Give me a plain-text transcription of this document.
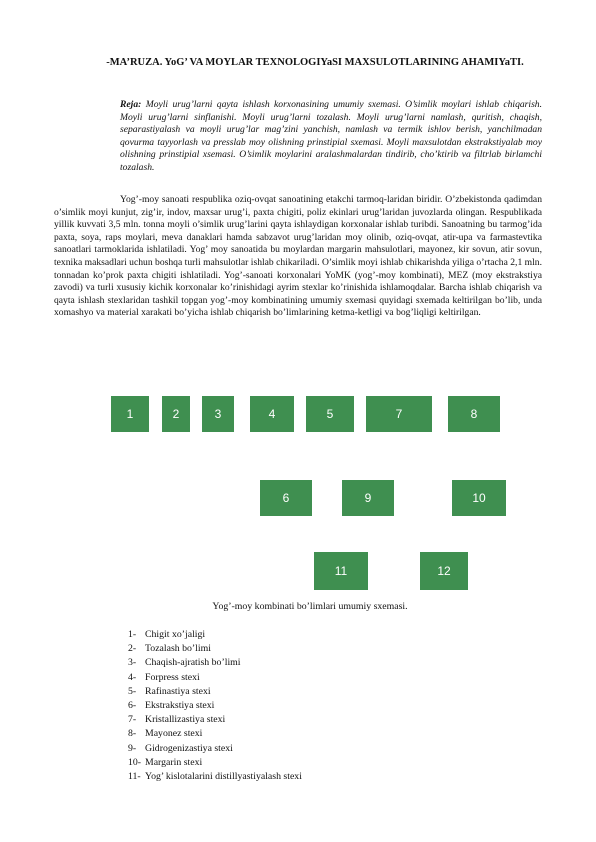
-MA’RUZA. YoG’ VA MOYLAR TEXNOLOGIYaSI MAXSULOTLARINING AHAMIYaTI.
Reja: Moyli urug’larni qayta ishlash korxonasining umumiy sxemasi. O’simlik moylari ishlab chiqarish. Moyli urug’larni sinflanishi. Moyli urug’larni tozalash. Moyli urug’larni namlash, quritish, chaqish, separastiyalash va moyli urug’lar mag’zini yanchish, namlash va termik ishlov berish, yanchilmadan qovurma tayyorlash va presslab moy olishning prinstipial sxemasi. Moyli maxsulotdan ekstrakstiyalab moy olishning prinstipial xsemasi. O’simlik moylarini aralashmalardan tindirib, cho’ktirib va filtrlab birlamchi tozalash.

Yog’-moy sanoati respublika oziq-ovqat sanoatining etakchi tarmoq-laridan biridir. O’zbekistonda qadimdan o’simlik moyi kunjut, zig’ir, indov, maxsar urug’i, paxta chigiti, poliz ekinlari urug’laridan juvozlarda olingan. Respublikada yillik kuvvati 3,5 mln. tonna moyli o’simlik urug’larini qayta ishlaydigan korxonalar ishlab turibdi. Sanoatning bu tarmog’ida paxta, soya, raps moylari, meva danaklari hamda sabzavot urug’laridan moy olinib, oziq-ovqat, atir-upa va farmastevtika sanoatlari tarmoklarida ishlatiladi. Yog’ moy sanoatida bu moylardan margarin mahsulotlari, mayonez, kir sovun, atir sovun, texnika maksadlari uchun boshqa turli mahsulotlar ishlab chikariladi. O’simlik moyi ishlab chikarishda yiliga o’rtacha 2,1 mln. tonnadan ko’prok paxta chigiti ishlatiladi. Yog’-sanoati korxonalari YoMK (yog’-moy kombinati), MEZ (moy ekstrakstiya zavodi) va turli xususiy kichik korxonalar ko’rinishidagi ayrim stexlar ko’rinishida ishlamoqdalar. Barcha ishlab chiqarish va qayta ishlash stexlaridan tashkil topgan yog’-moy kombinatining umumiy sxemasi quyidagi sxemada keltirilgan bo’lib, unda xomashyo va material xarakati bo’yicha ishlab chiqarish bo’limlarining ketma-ketligi va bog’liqligi keltirilgan.

1	2	3	4	5	7	8
6	9	10
11	12
Yog’-moy kombinati bo’limlari umumiy sxemasi.
1- Chigit xo’jaligi
2- Tozalash bo’limi
3- Chaqish-ajratish bo’limi
4- Forpress stexi
5- Rafinastiya stexi
6- Ekstrakstiya stexi
7- Kristallizastiya stexi
8- Mayonez stexi
9- Gidrogenizastiya stexi
10- Margarin stexi
11- Yog’ kislotalarini distillyastiyalash stexi
